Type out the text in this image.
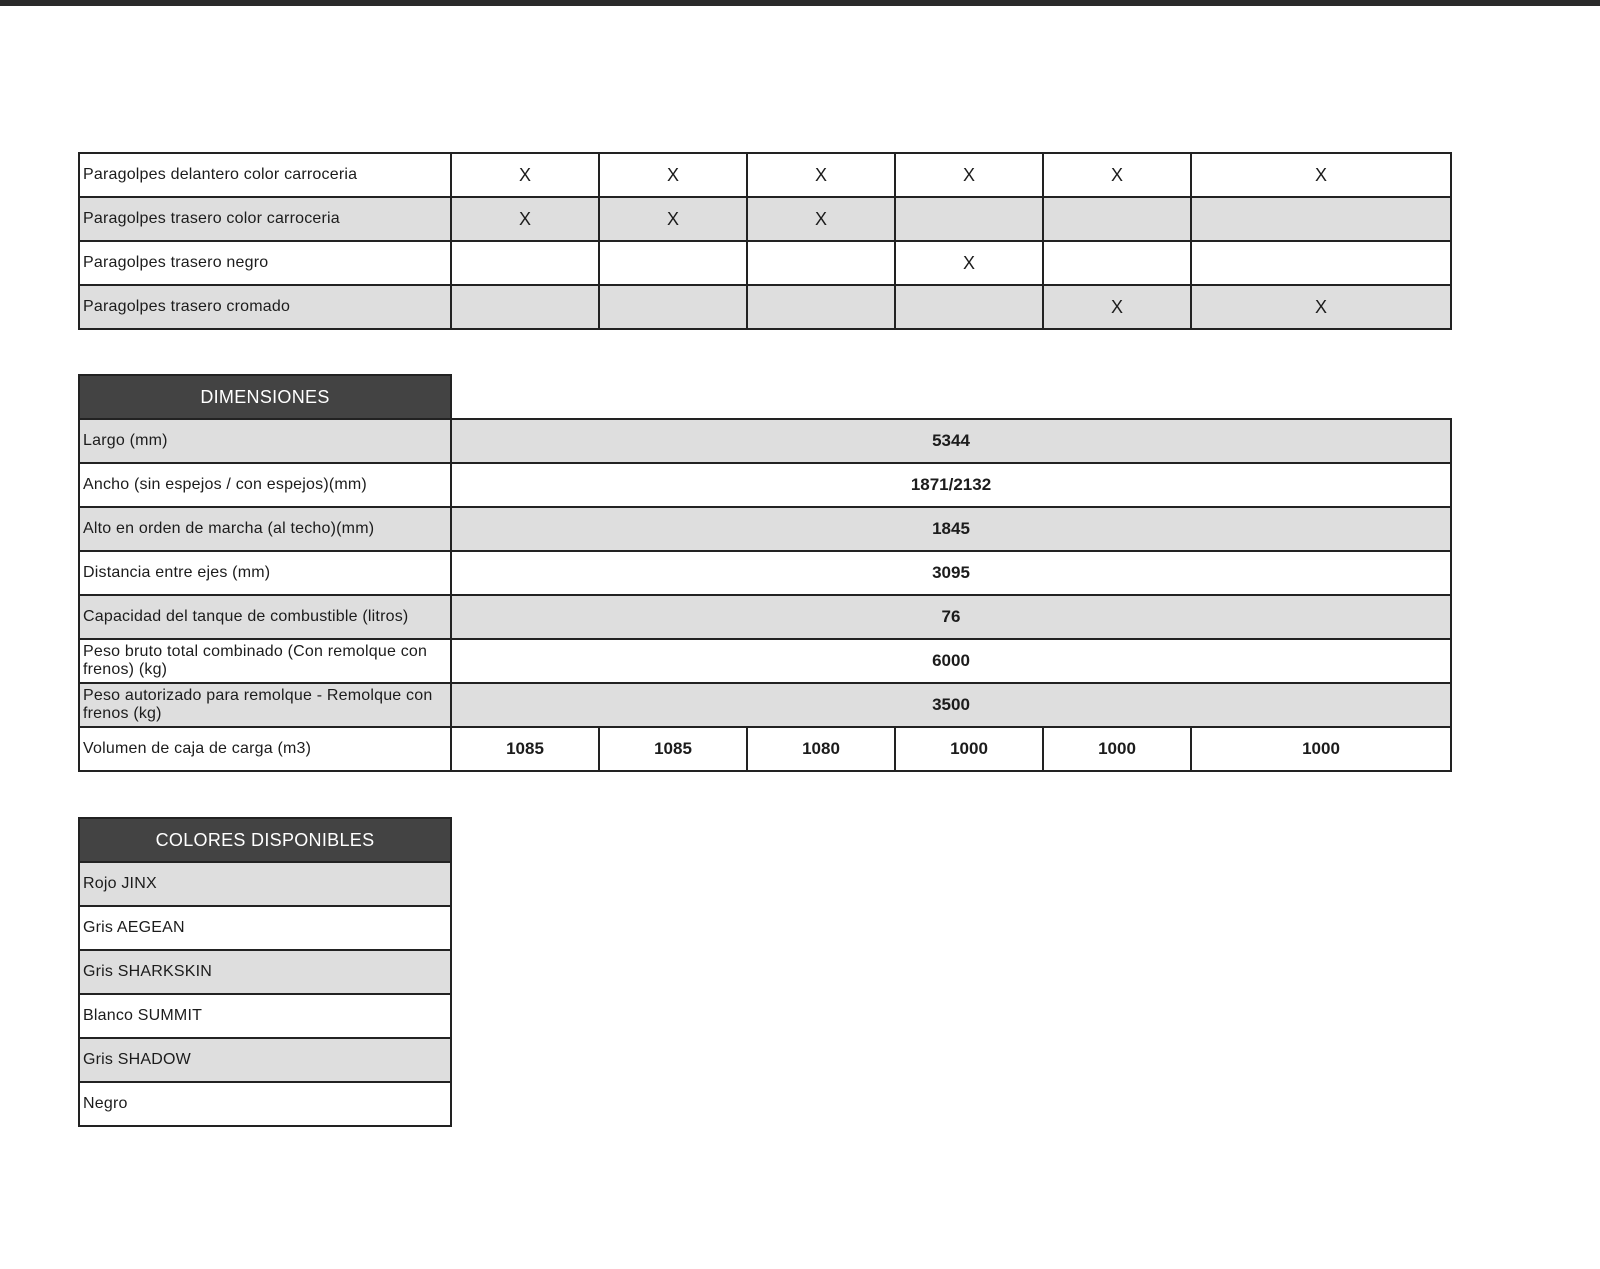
Paragolpes delantero color carroceria	X	X	X	X	X	X
Paragolpes trasero color carroceria	X	X	X			
Paragolpes trasero negro				X		
Paragolpes trasero cromado					X	X
DIMENSIONES						
Largo (mm)	5344					
Ancho (sin espejos / con espejos)(mm)	1871/2132					
Alto en orden de marcha (al techo)(mm)	1845					
Distancia entre ejes (mm)	3095					
Capacidad del tanque de combustible (litros)	76					
Peso bruto total combinado (Con remolque con frenos) (kg)	6000					
Peso autorizado para remolque - Remolque con frenos (kg)	3500					
Volumen de caja de carga (m3)	1085	1085	1080	1000	1000	1000
COLORES DISPONIBLES
Rojo JINX
Gris AEGEAN
Gris SHARKSKIN
Blanco SUMMIT
Gris SHADOW
Negro
